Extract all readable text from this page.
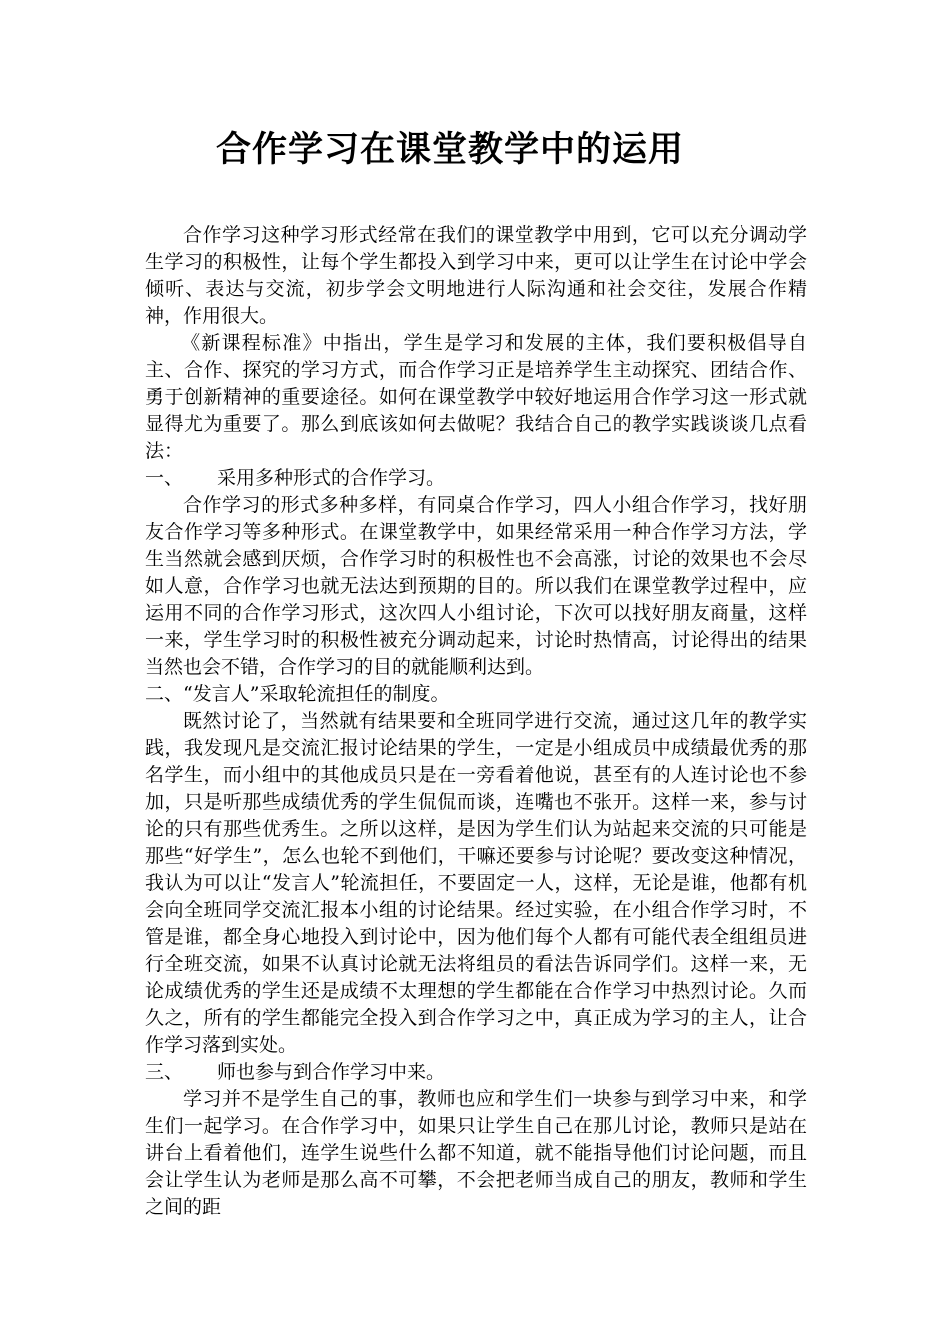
合作学习在课堂教学中的运用

合作学习这种学习形式经常在我们的课堂教学中用到，它可以充分调动学生学习的积极性，让每个学生都投入到学习中来，更可以让学生在讨论中学会倾听、表达与交流，初步学会文明地进行人际沟通和社会交往，发展合作精神，作用很大。

《新课程标准》中指出，学生是学习和发展的主体，我们要积极倡导自主、合作、探究的学习方式，而合作学习正是培养学生主动探究、团结合作、勇于创新精神的重要途径。如何在课堂教学中较好地运用合作学习这一形式就显得尤为重要了。那么到底该如何去做呢？我结合自己的教学实践谈谈几点看法：

一、 采用多种形式的合作学习。

合作学习的形式多种多样，有同桌合作学习，四人小组合作学习，找好朋友合作学习等多种形式。在课堂教学中，如果经常采用一种合作学习方法，学生当然就会感到厌烦，合作学习时的积极性也不会高涨，讨论的效果也不会尽如人意，合作学习也就无法达到预期的目的。所以我们在课堂教学过程中，应运用不同的合作学习形式，这次四人小组讨论，下次可以找好朋友商量，这样一来，学生学习时的积极性被充分调动起来，讨论时热情高，讨论得出的结果当然也会不错，合作学习的目的就能顺利达到。

二、“发言人”采取轮流担任的制度。

既然讨论了，当然就有结果要和全班同学进行交流，通过这几年的教学实践，我发现凡是交流汇报讨论结果的学生，一定是小组成员中成绩最优秀的那名学生，而小组中的其他成员只是在一旁看着他说，甚至有的人连讨论也不参加，只是听那些成绩优秀的学生侃侃而谈，连嘴也不张开。这样一来，参与讨论的只有那些优秀生。之所以这样，是因为学生们认为站起来交流的只可能是那些“好学生”，怎么也轮不到他们，干嘛还要参与讨论呢？要改变这种情况，我认为可以让“发言人”轮流担任，不要固定一人，这样，无论是谁，他都有机会向全班同学交流汇报本小组的讨论结果。经过实验，在小组合作学习时，不管是谁，都全身心地投入到讨论中，因为他们每个人都有可能代表全组组员进行全班交流，如果不认真讨论就无法将组员的看法告诉同学们。这样一来，无论成绩优秀的学生还是成绩不太理想的学生都能在合作学习中热烈讨论。久而久之，所有的学生都能完全投入到合作学习之中，真正成为学习的主人，让合作学习落到实处。

三、 师也参与到合作学习中来。

学习并不是学生自己的事，教师也应和学生们一块参与到学习中来，和学生们一起学习。在合作学习中，如果只让学生自己在那儿讨论，教师只是站在讲台上看着他们，连学生说些什么都不知道，就不能指导他们讨论问题，而且会让学生认为老师是那么高不可攀，不会把老师当成自己的朋友，教师和学生之间的距
